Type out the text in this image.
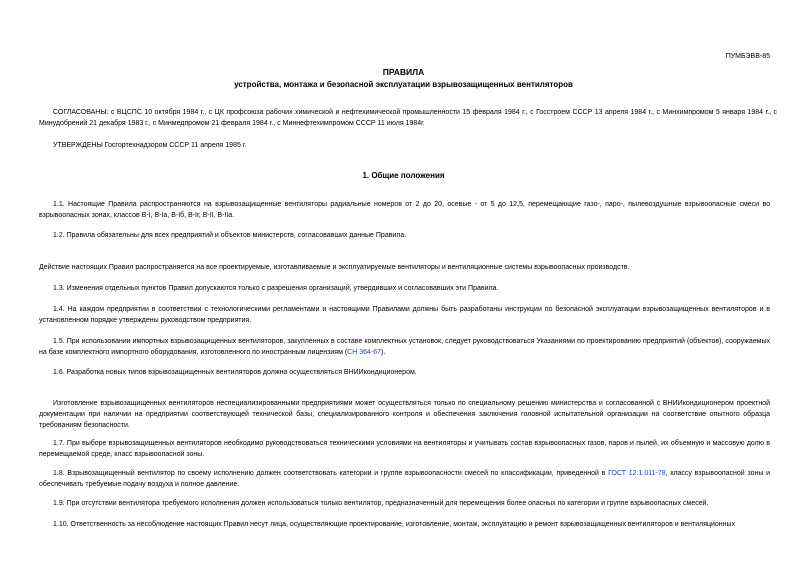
ПУМБЭВВ-85
ПРАВИЛА
устройства, монтажа и безопасной эксплуатации взрывозащищенных вентиляторов
СОГЛАСОВАНЫ: с ВЦСПС 10 октября 1984 г., с ЦК профсоюза рабочих химической и нефтехимической промышленности 15 февраля 1984 г., с Госстроем СССР 13 апреля 1984 г., с Минхимпромом 5 января 1984 г., с Минудобрений 21 декабря 1983 г., с Минмедпромом 21 февраля 1984 г., с Миннефтехимпромом СССР 11 июля 1984г.
УТВЕРЖДЕНЫ Госгортехнадзором СССР 11 апреля 1985 г.
1. Общие положения
1.1. Настоящие Правила распространяются на взрывозащищенные вентиляторы радиальные номеров от 2 до 20, осевые - от 5 до 12,5, перемещающие газо-, паро-, пылевоздушные взрывоопасные смеси во взрывоопасных зонах, классов В-I, В-Iа, В-Iб, В-Iг, В-II, В-IIа.
1.2. Правила обязательны для всех предприятий и объектов министерств, согласовавших данные Правила.
Действие настоящих Правил распространяется на все проектируемые, изготавливаемые и эксплуатируемые вентиляторы и вентиляционные системы взрывоопасных производств.
1.3. Изменения отдельных пунктов Правил допускаются только с разрешения организаций, утвердивших и согласовавших эти Правила.
1.4. На каждом предприятии в соответствии с технологическими регламентами и настоящими Правилами должны быть разработаны инструкции по безопасной эксплуатации взрывозащищенных вентиляторов и в установленном порядке утверждены руководством предприятия.
1.5. При использовании импортных взрывозащищенных вентиляторов, закупленных в составе комплектных установок, следует руководствоваться Указаниями по проектированию предприятий (объектов), сооружаемых на базе комплектного импортного оборудования, изготовленного по иностранным лицензиям (СН 364-67).
1.6. Разработка новых типов взрывозащищенных вентиляторов должна осуществляться ВНИИкондиционером.
Изготовление взрывозащищенных вентиляторов неспециализированными предприятиями может осуществляться только по специальному решению министерства и согласованной с ВНИИкондиционером проектной документации при наличии на предприятии соответствующей технической базы, специализированного контроля и обеспечения заключения головной испытательной организации на соответствие опытного образца требованиям безопасности.
1.7. При выборе взрывозащищенных вентиляторов необходимо руководствоваться техническими условиями на вентиляторы и учитывать состав взрывоопасных газов, паров и пылей, их объемную и массовую долю в перемещаемой среде, класс взрывоопасной зоны.
1.8. Взрывозащищенный вентилятор по своему исполнению должен соответствовать категории и группе взрывоопасности смесей по классификации, приведенной в ГОСТ 12.1.011-78, классу взрывоопасной зоны и обеспечивать требуемые подачу воздуха и полное давление.
1.9. При отсутствии вентилятора требуемого исполнения должен использоваться только вентилятор, предназначенный для перемещения более опасных по категории и группе взрывоопасных смесей.
1.10. Ответственность за несоблюдение настоящих Правил несут лица, осуществляющие проектирование, изготовление, монтаж, эксплуатацию и ремонт взрывозащищенных вентиляторов и вентиляционных
